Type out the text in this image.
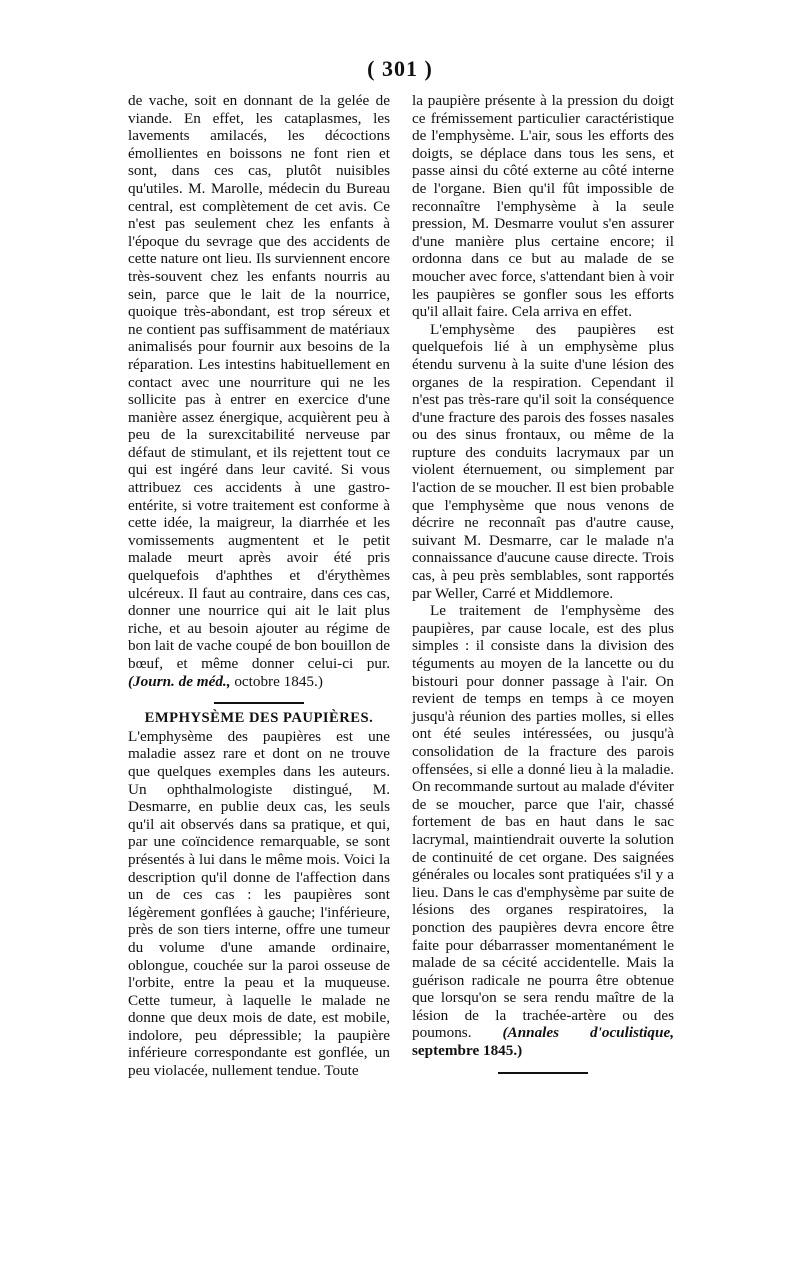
( 301 )

de vache, soit en donnant de la gelée de viande. En effet, les cataplasmes, les lavements amilacés, les décoctions émollientes en boissons ne font rien et sont, dans ces cas, plutôt nuisibles qu'utiles. M. Marolle, médecin du Bureau central, est complètement de cet avis. Ce n'est pas seulement chez les enfants à l'époque du sevrage que des accidents de cette nature ont lieu. Ils surviennent encore très-souvent chez les enfants nourris au sein, parce que le lait de la nourrice, quoique très-abondant, est trop séreux et ne contient pas suffisamment de matériaux animalisés pour fournir aux besoins de la réparation. Les intestins habituellement en contact avec une nourriture qui ne les sollicite pas à entrer en exercice d'une manière assez énergique, acquièrent peu à peu de la surexcitabilité nerveuse par défaut de stimulant, et ils rejettent tout ce qui est ingéré dans leur cavité. Si vous attribuez ces accidents à une gastro-entérite, si votre traitement est conforme à cette idée, la maigreur, la diarrhée et les vomissements augmentent et le petit malade meurt après avoir été pris quelquefois d'aphthes et d'érythèmes ulcéreux. Il faut au contraire, dans ces cas, donner une nourrice qui ait le lait plus riche, et au besoin ajouter au régime de bon lait de vache coupé de bon bouillon de bœuf, et même donner celui-ci pur. (Journ. de méd., octobre 1845.)

EMPHYSÈME DES PAUPIÈRES.

L'emphysème des paupières est une maladie assez rare et dont on ne trouve que quelques exemples dans les auteurs. Un ophthalmologiste distingué, M. Desmarre, en publie deux cas, les seuls qu'il ait observés dans sa pratique, et qui, par une coïncidence remarquable, se sont présentés à lui dans le même mois. Voici la description qu'il donne de l'affection dans un de ces cas : les paupières sont légèrement gonflées à gauche; l'inférieure, près de son tiers interne, offre une tumeur du volume d'une amande ordinaire, oblongue, couchée sur la paroi osseuse de l'orbite, entre la peau et la muqueuse. Cette tumeur, à laquelle le malade ne donne que deux mois de date, est mobile, indolore, peu dépressible; la paupière inférieure correspondante est gonflée, un peu violacée, nullement tendue. Toute

la paupière présente à la pression du doigt ce frémissement particulier caractéristique de l'emphysème. L'air, sous les efforts des doigts, se déplace dans tous les sens, et passe ainsi du côté externe au côté interne de l'organe. Bien qu'il fût impossible de reconnaître l'emphysème à la seule pression, M. Desmarre voulut s'en assurer d'une manière plus certaine encore; il ordonna dans ce but au malade de se moucher avec force, s'attendant bien à voir les paupières se gonfler sous les efforts qu'il allait faire. Cela arriva en effet.

L'emphysème des paupières est quelquefois lié à un emphysème plus étendu survenu à la suite d'une lésion des organes de la respiration. Cependant il n'est pas très-rare qu'il soit la conséquence d'une fracture des parois des fosses nasales ou des sinus frontaux, ou même de la rupture des conduits lacrymaux par un violent éternuement, ou simplement par l'action de se moucher. Il est bien probable que l'emphysème que nous venons de décrire ne reconnaît pas d'autre cause, suivant M. Desmarre, car le malade n'a connaissance d'aucune cause directe. Trois cas, à peu près semblables, sont rapportés par Weller, Carré et Middlemore.

Le traitement de l'emphysème des paupières, par cause locale, est des plus simples : il consiste dans la division des téguments au moyen de la lancette ou du bistouri pour donner passage à l'air. On revient de temps en temps à ce moyen jusqu'à réunion des parties molles, si elles ont été seules intéressées, ou jusqu'à consolidation de la fracture des parois offensées, si elle a donné lieu à la maladie. On recommande surtout au malade d'éviter de se moucher, parce que l'air, chassé fortement de bas en haut dans le sac lacrymal, maintiendrait ouverte la solution de continuité de cet organe. Des saignées générales ou locales sont pratiquées s'il y a lieu. Dans le cas d'emphysème par suite de lésions des organes respiratoires, la ponction des paupières devra encore être faite pour débarrasser momentanément le malade de sa cécité accidentelle. Mais la guérison radicale ne pourra être obtenue que lorsqu'on se sera rendu maître de la lésion de la trachée-artère ou des poumons. (Annales d'oculistique, septembre 1845.)
